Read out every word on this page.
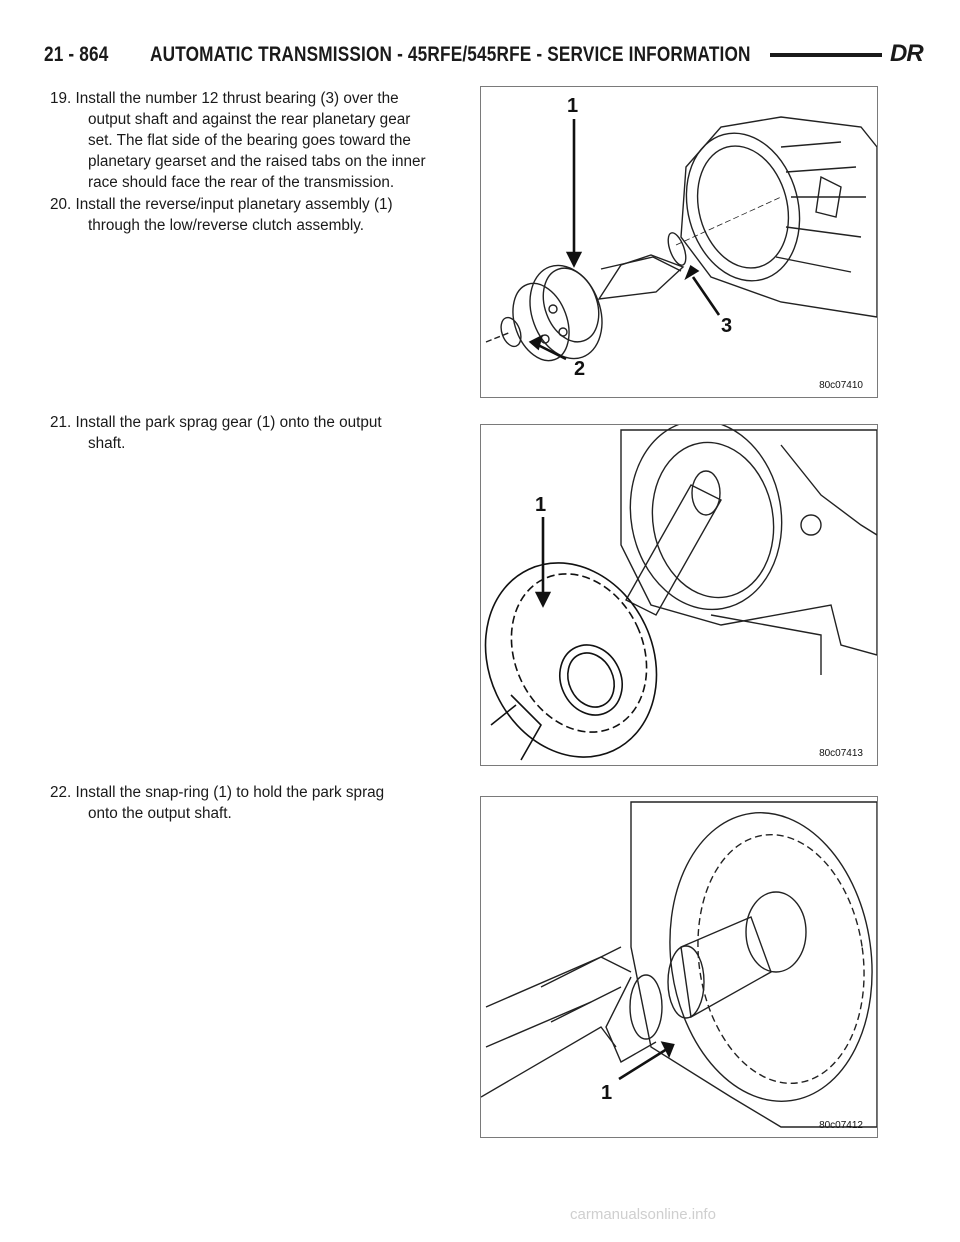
21 - 864 AUTOMATIC TRANSMISSION - 45RFE/545RFE - SERVICE INFORMATION	DR
19. Install the number 12 thrust bearing (3) over the
output shaft and against the rear planetary gear
set. The flat side of the bearing goes toward the
planetary gearset and the raised tabs on the inner
race should face the rear of the transmission.
20. Install the reverse/input planetary assembly (1)
through the low/reverse clutch assembly.
21. Install the park sprag gear (1) onto the output
shaft.
22. Install the snap-ring (1) to hold the park sprag
onto the output shaft.
1
2
3
80c07410
1
80c07413
1
80c07412
carmanualsonline.info
